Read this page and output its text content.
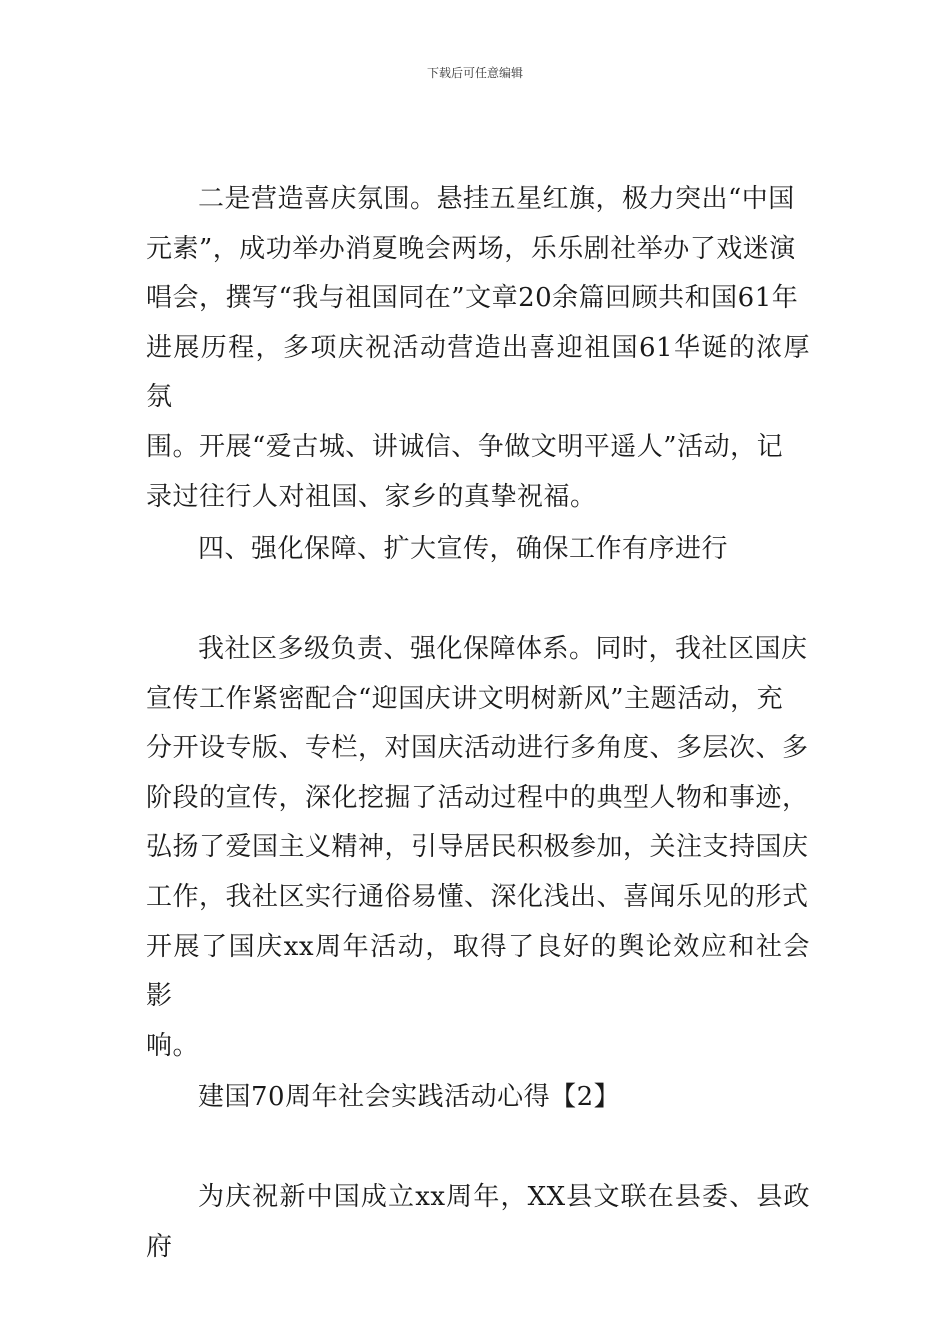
下载后可任意编辑

二是营造喜庆氛围。悬挂五星红旗，极力突出“中国
元素”，成功举办消夏晚会两场，乐乐剧社举办了戏迷演
唱会，撰写“我与祖国同在”文章20余篇回顾共和国61年
进展历程，多项庆祝活动营造出喜迎祖国61华诞的浓厚氛
围。开展“爱古城、讲诚信、争做文明平遥人”活动，记
录过往行人对祖国、家乡的真挚祝福。

四、强化保障、扩大宣传，确保工作有序进行

我社区多级负责、强化保障体系。同时，我社区国庆
宣传工作紧密配合“迎国庆讲文明树新风”主题活动，充
分开设专版、专栏，对国庆活动进行多角度、多层次、多
阶段的宣传，深化挖掘了活动过程中的典型人物和事迹，
弘扬了爱国主义精神，引导居民积极参加，关注支持国庆
工作，我社区实行通俗易懂、深化浅出、喜闻乐见的形式
开展了国庆xx周年活动，取得了良好的舆论效应和社会影
响。

建国70周年社会实践活动心得【2】

为庆祝新中国成立xx周年，XX县文联在县委、县政府
